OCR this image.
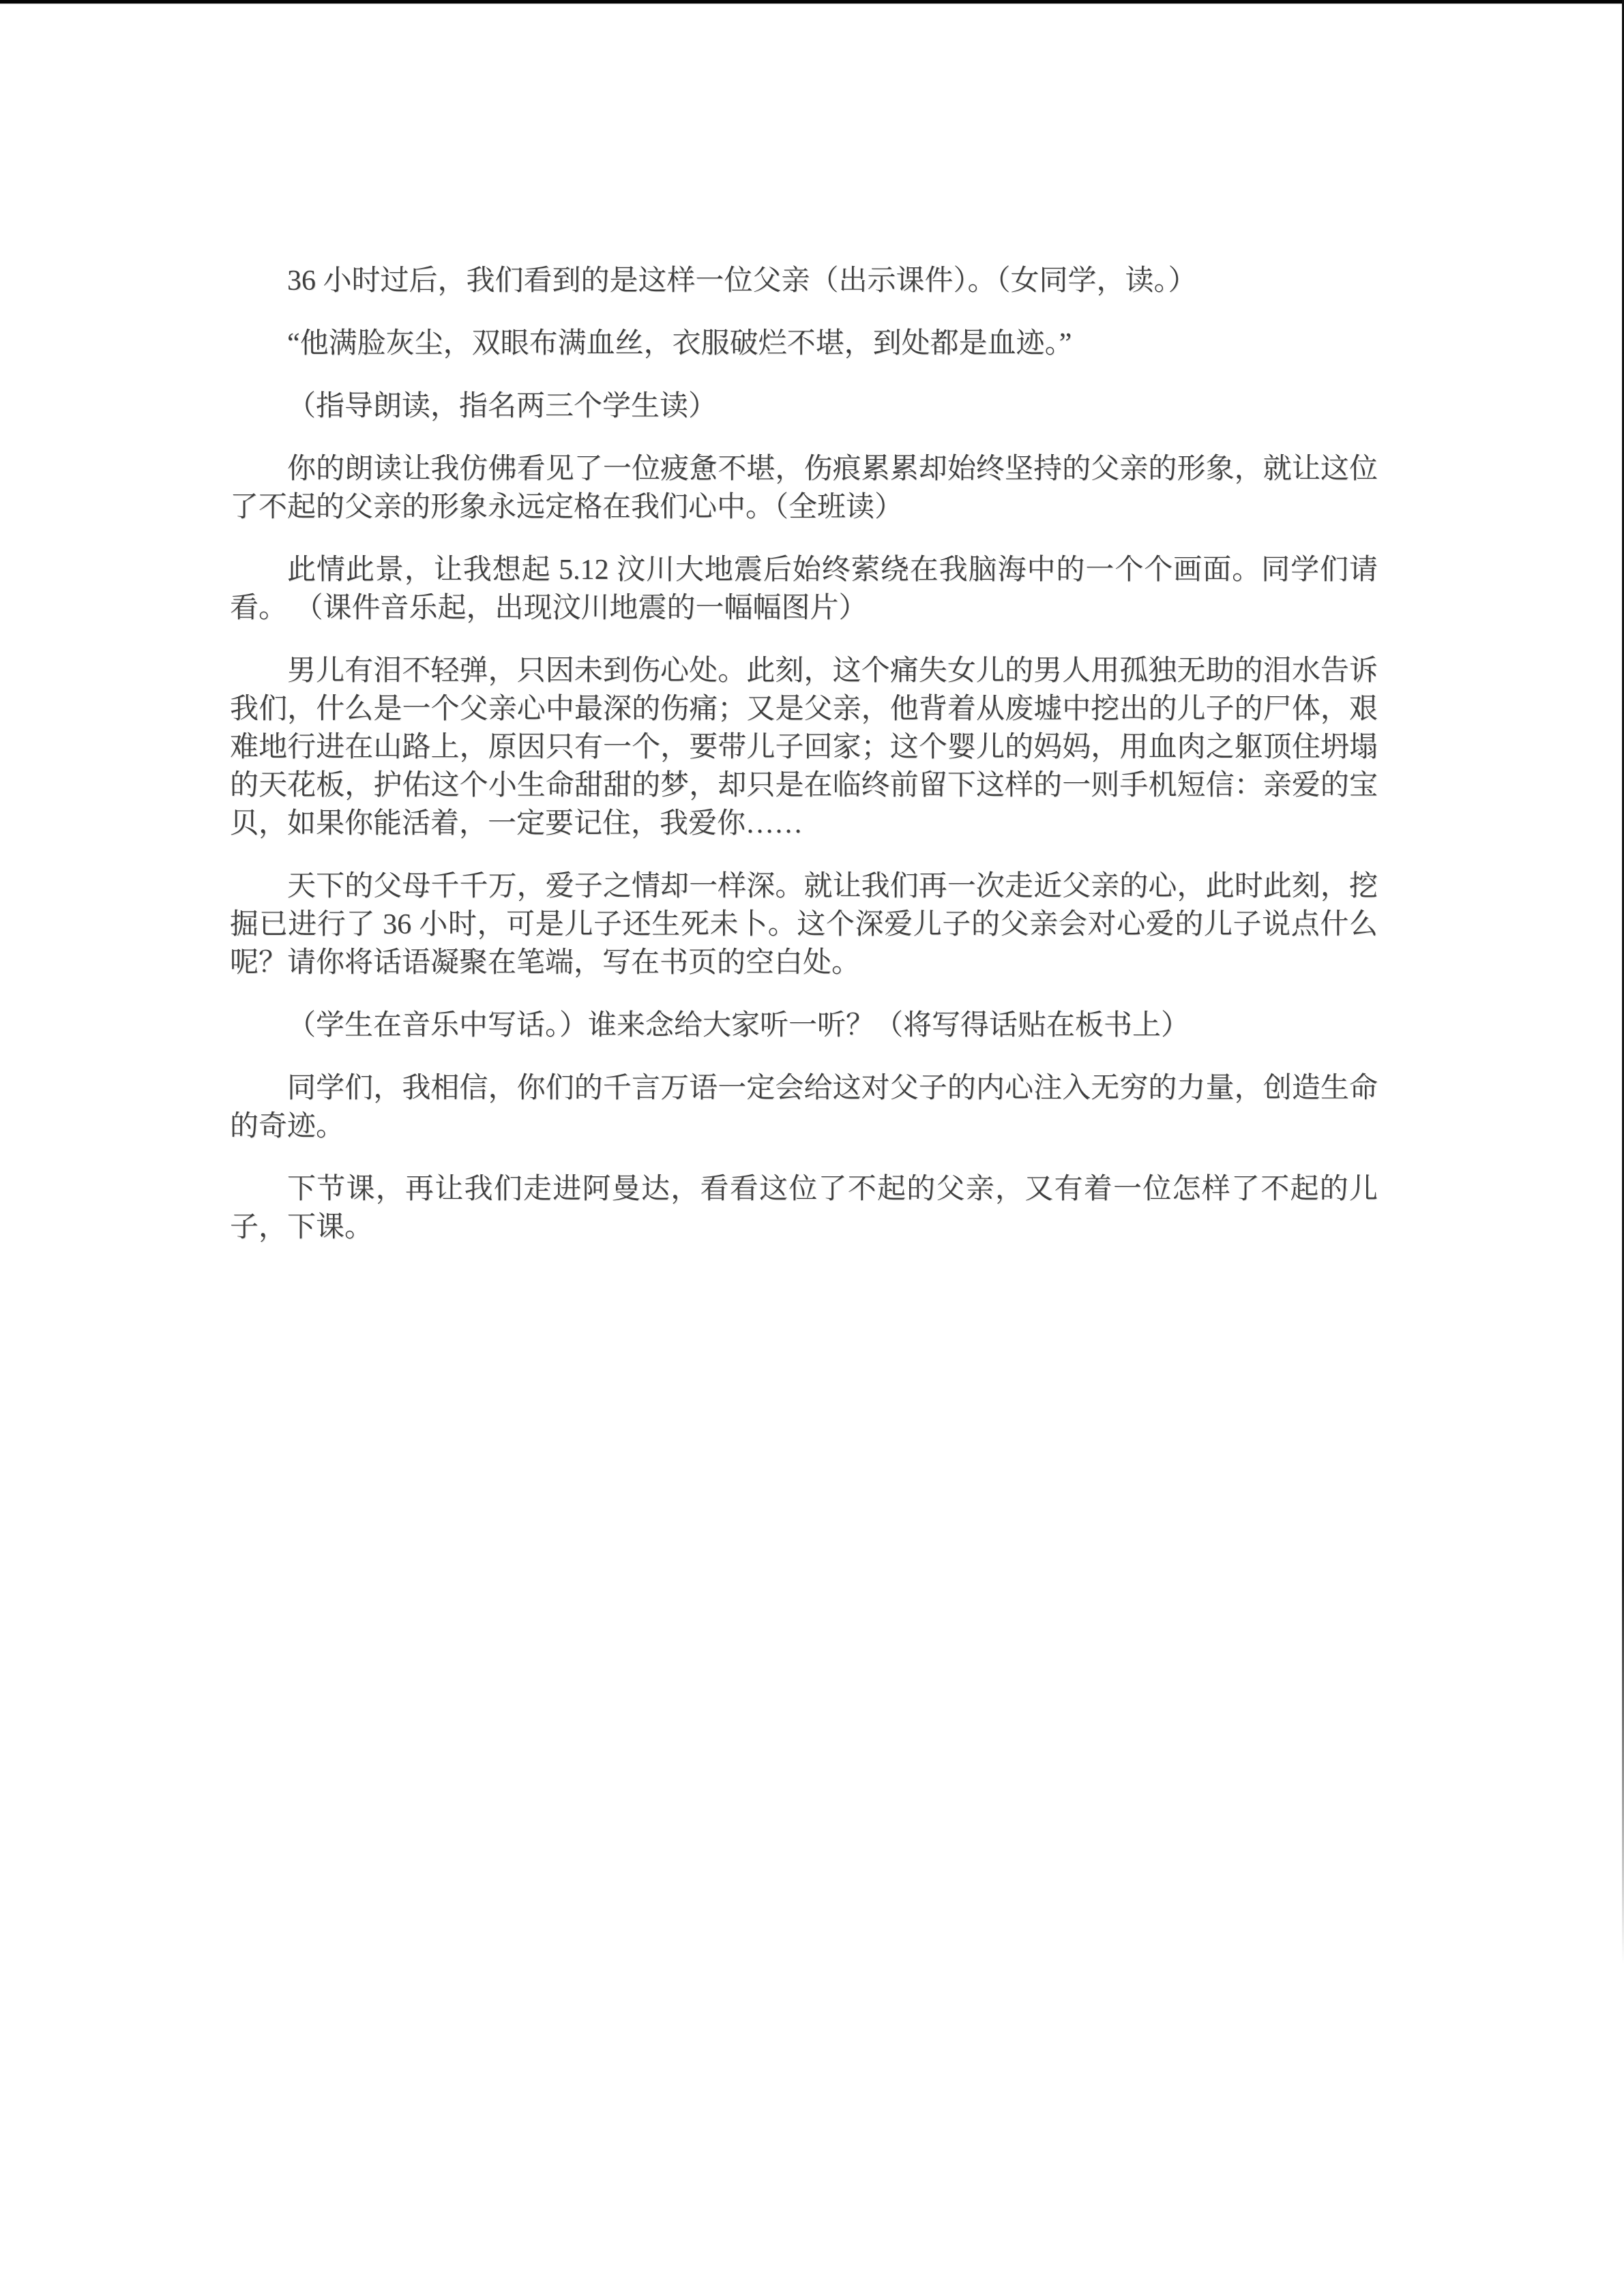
36 小时过后，我们看到的是这样一位父亲（出示课件）。（女同学，读。）

“他满脸灰尘，双眼布满血丝，衣服破烂不堪，到处都是血迹。”

（指导朗读，指名两三个学生读）

你的朗读让我仿佛看见了一位疲惫不堪，伤痕累累却始终坚持的父亲的形象，就让这位了不起的父亲的形象永远定格在我们心中。（全班读）

此情此景，让我想起 5.12 汶川大地震后始终萦绕在我脑海中的一个个画面。同学们请看。 （课件音乐起，出现汶川地震的一幅幅图片）

男儿有泪不轻弹，只因未到伤心处。此刻，这个痛失女儿的男人用孤独无助的泪水告诉我们，什么是一个父亲心中最深的伤痛；又是父亲，他背着从废墟中挖出的儿子的尸体，艰难地行进在山路上，原因只有一个，要带儿子回家；这个婴儿的妈妈，用血肉之躯顶住坍塌的天花板，护佑这个小生命甜甜的梦，却只是在临终前留下这样的一则手机短信：亲爱的宝贝，如果你能活着，一定要记住，我爱你……

天下的父母千千万，爱子之情却一样深。就让我们再一次走近父亲的心，此时此刻，挖掘已进行了 36 小时，可是儿子还生死未卜。这个深爱儿子的父亲会对心爱的儿子说点什么呢？请你将话语凝聚在笔端，写在书页的空白处。

（学生在音乐中写话。）谁来念给大家听一听？（将写得话贴在板书上）

同学们，我相信，你们的千言万语一定会给这对父子的内心注入无穷的力量，创造生命的奇迹。

下节课，再让我们走进阿曼达，看看这位了不起的父亲，又有着一位怎样了不起的儿子，下课。
